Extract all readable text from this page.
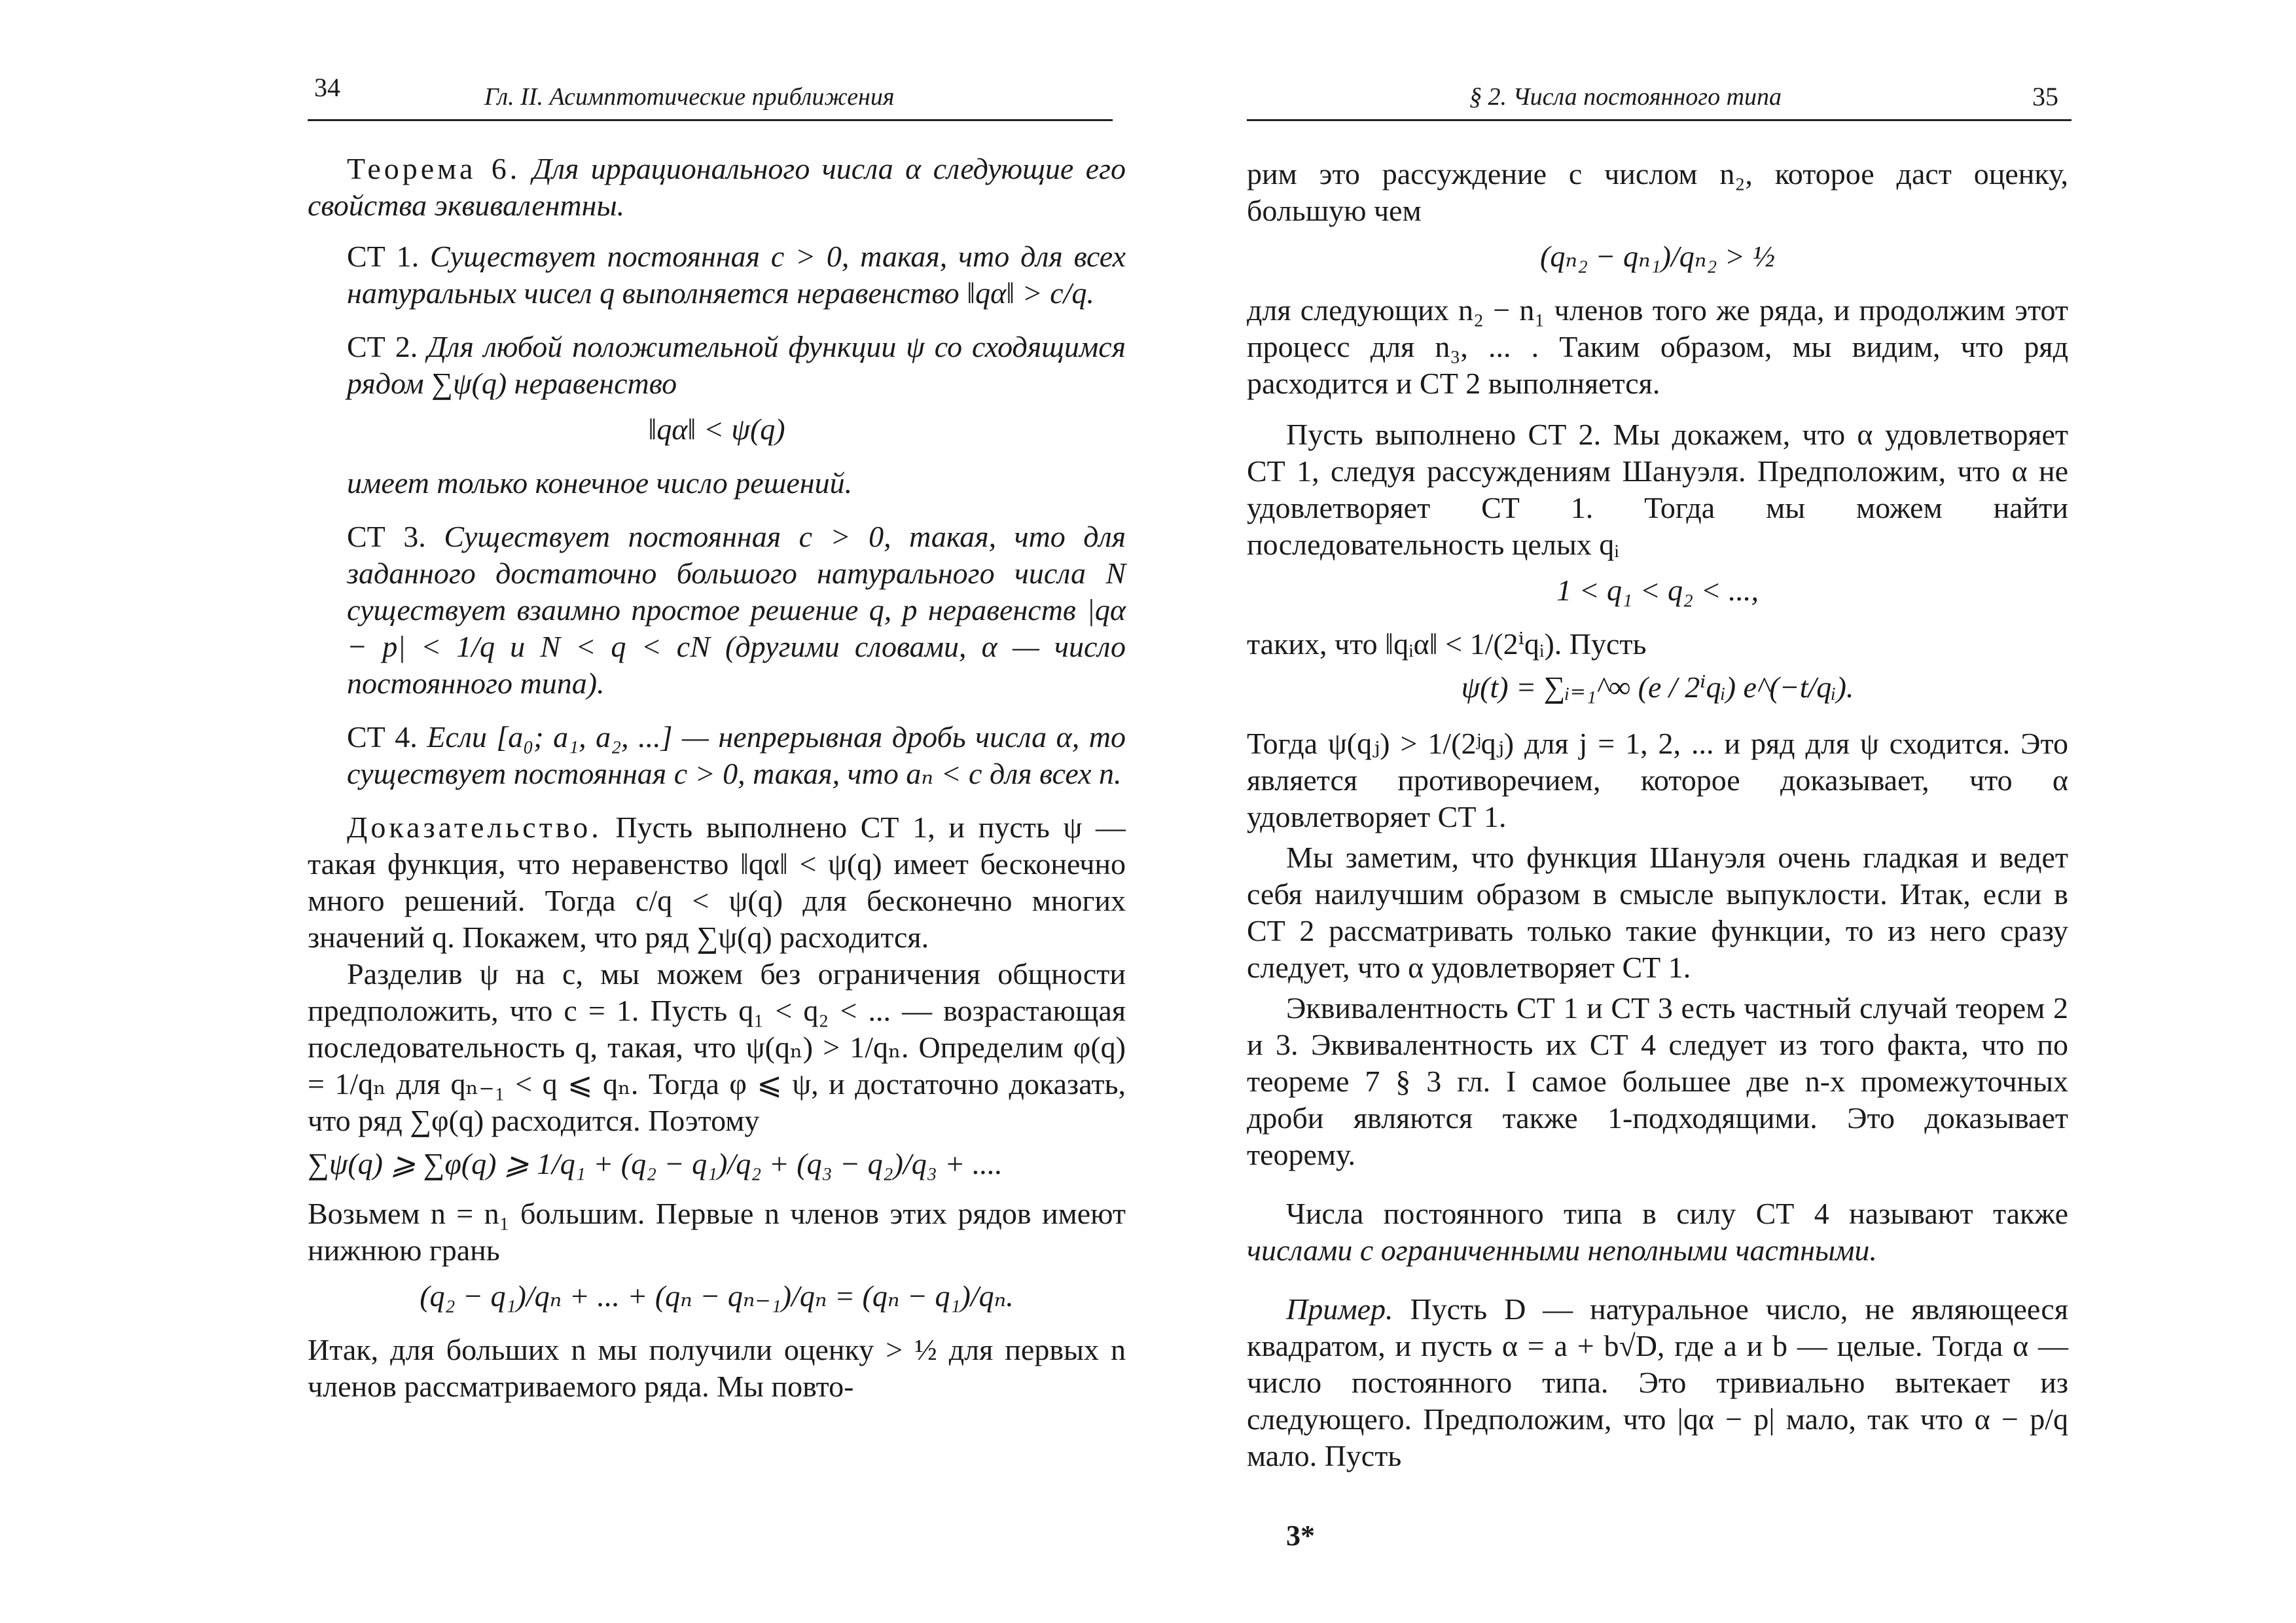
34	Гл. II. Асимптотические приближения

Теорема 6. Для иррационального числа α следующие его свойства эквивалентны.

СТ 1. Существует постоянная c > 0, такая, что для всех натуральных чисел q выполняется неравенство ‖qα‖ > c/q.

СТ 2. Для любой положительной функции ψ со сходящимся рядом ∑ψ(q) неравенство

‖qα‖ < ψ(q)

имеет только конечное число решений.

СТ 3. Существует постоянная c > 0, такая, что для заданного достаточно большого натурального числа N существует взаимно простое решение q, p неравенств |qα − p| < 1/q и N < q < cN (другими словами, α — число постоянного типа).

СТ 4. Если [a₀; a₁, a₂, ...] — непрерывная дробь числа α, то существует постоянная c > 0, такая, что aₙ < c для всех n.

Доказательство. Пусть выполнено СТ 1, и пусть ψ — такая функция, что неравенство ‖qα‖ < ψ(q) имеет бесконечно много решений. Тогда c/q < ψ(q) для бесконечно многих значений q. Покажем, что ряд ∑ψ(q) расходится.

Разделив ψ на c, мы можем без ограничения общности предположить, что c = 1. Пусть q₁ < q₂ < ... — возрастающая последовательность q, такая, что ψ(qₙ) > 1/qₙ. Определим φ(q) = 1/qₙ для qₙ₋₁ < q ⩽ qₙ. Тогда φ ⩽ ψ, и достаточно доказать, что ряд ∑φ(q) расходится. Поэтому

∑ψ(q) ⩾ ∑φ(q) ⩾ 1/q₁ + (q₂ − q₁)/q₂ + (q₃ − q₂)/q₃ + ....

Возьмем n = n₁ большим. Первые n членов этих рядов имеют нижнюю грань

(q₂ − q₁)/qₙ + ... + (qₙ − qₙ₋₁)/qₙ = (qₙ − q₁)/qₙ.

Итак, для больших n мы получили оценку > ½ для первых n членов рассматриваемого ряда. Мы повто-

§ 2. Числа постоянного типа	35

рим это рассуждение с числом n₂, которое даст оценку, большую чем

(qₙ₂ − qₙ₁)/qₙ₂ > ½

для следующих n₂ − n₁ членов того же ряда, и продолжим этот процесс для n₃, ... . Таким образом, мы видим, что ряд расходится и СТ 2 выполняется.

Пусть выполнено СТ 2. Мы докажем, что α удовлетворяет СТ 1, следуя рассуждениям Шануэля. Предположим, что α не удовлетворяет СТ 1. Тогда мы можем найти последовательность целых qᵢ

1 < q₁ < q₂ < ...,

таких, что ‖qᵢα‖ < 1/(2ⁱqᵢ). Пусть

ψ(t) = ∑ᵢ₌₁^∞ (e / 2ⁱqᵢ) e^(−t/qᵢ).

Тогда ψ(qⱼ) > 1/(2ʲqⱼ) для j = 1, 2, ... и ряд для ψ сходится. Это является противоречием, которое доказывает, что α удовлетворяет СТ 1.

Мы заметим, что функция Шануэля очень гладкая и ведет себя наилучшим образом в смысле выпуклости. Итак, если в СТ 2 рассматривать только такие функции, то из него сразу следует, что α удовлетворяет СТ 1.

Эквивалентность СТ 1 и СТ 3 есть частный случай теорем 2 и 3. Эквивалентность их СТ 4 следует из того факта, что по теореме 7 § 3 гл. I самое большее две n-х промежуточных дроби являются также 1-подходящими. Это доказывает теорему.

Числа постоянного типа в силу СТ 4 называют также числами с ограниченными неполными частными.

Пример. Пусть D — натуральное число, не являющееся квадратом, и пусть α = a + b√D, где a и b — целые. Тогда α — число постоянного типа. Это тривиально вытекает из следующего. Предположим, что |qα − p| мало, так что α − p/q мало. Пусть

3*
